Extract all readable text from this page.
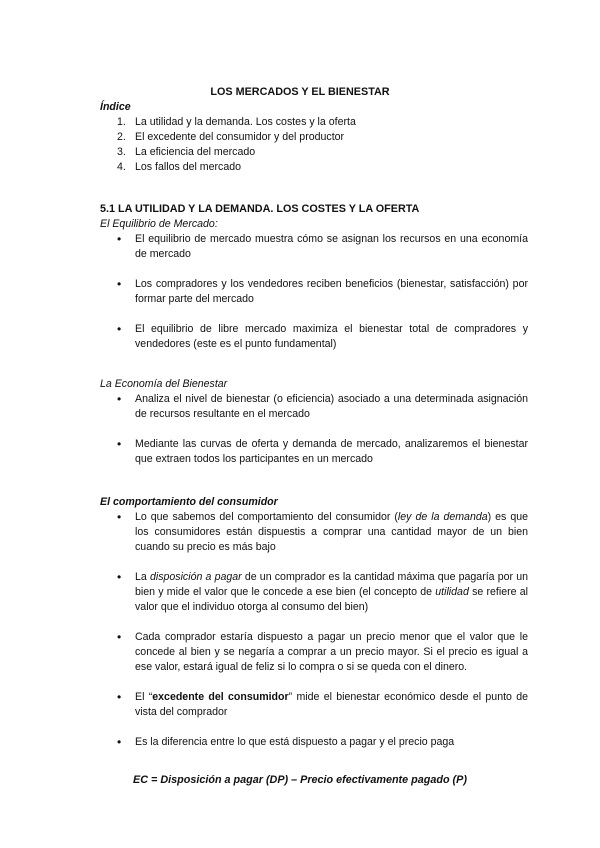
LOS MERCADOS Y EL BIENESTAR
Índice
1. La utilidad y la demanda. Los costes y la oferta
2. El excedente del consumidor y del productor
3. La eficiencia del mercado
4. Los fallos del mercado
5.1 LA UTILIDAD Y LA DEMANDA. LOS COSTES Y LA OFERTA
El Equilibrio de Mercado:
• El equilibrio de mercado muestra cómo se asignan los recursos en una economía de mercado
• Los compradores y los vendedores reciben beneficios (bienestar, satisfacción) por formar parte del mercado
• El equilibrio de libre mercado maximiza el bienestar total de compradores y vendedores (este es el punto fundamental)
La Economía del Bienestar
• Analiza el nivel de bienestar (o eficiencia) asociado a una determinada asignación de recursos resultante en el mercado
• Mediante las curvas de oferta y demanda de mercado, analizaremos el bienestar que extraen todos los participantes en un mercado
El comportamiento del consumidor
• Lo que sabemos del comportamiento del consumidor (ley de la demanda) es que los consumidores están dispuestis a comprar una cantidad mayor de un bien cuando su precio es más bajo
• La disposición a pagar de un comprador es la cantidad máxima que pagaría por un bien y mide el valor que le concede a ese bien (el concepto de utilidad se refiere al valor que el individuo otorga al consumo del bien)
• Cada comprador estaría dispuesto a pagar un precio menor que el valor que le concede al bien y se negaría a comprar a un precio mayor. Si el precio es igual a ese valor, estará igual de feliz si lo compra o si se queda con el dinero.
• El “excedente del consumidor” mide el bienestar económico desde el punto de vista del comprador
• Es la diferencia entre lo que está dispuesto a pagar y el precio paga
EC = Disposición a pagar (DP) – Precio efectivamente pagado (P)
